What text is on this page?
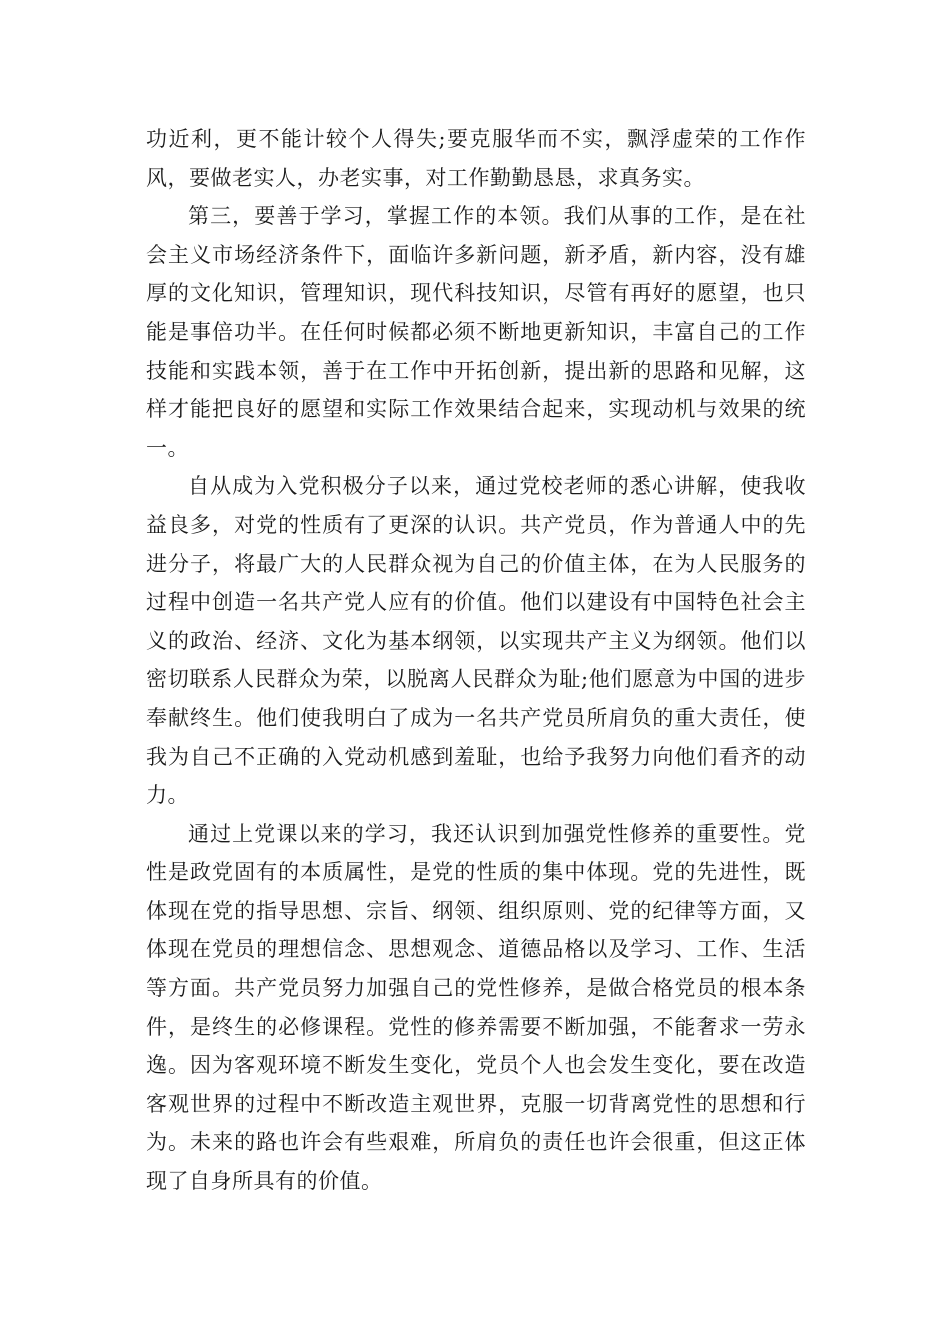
功近利，更不能计较个人得失;要克服华而不实，飘浮虚荣的工作作风，要做老实人，办老实事，对工作勤勤恳恳，求真务实。

第三，要善于学习，掌握工作的本领。我们从事的工作，是在社会主义市场经济条件下，面临许多新问题，新矛盾，新内容，没有雄厚的文化知识，管理知识，现代科技知识，尽管有再好的愿望，也只能是事倍功半。在任何时候都必须不断地更新知识，丰富自己的工作技能和实践本领，善于在工作中开拓创新，提出新的思路和见解，这样才能把良好的愿望和实际工作效果结合起来，实现动机与效果的统一。

自从成为入党积极分子以来，通过党校老师的悉心讲解，使我收益良多，对党的性质有了更深的认识。共产党员，作为普通人中的先进分子，将最广大的人民群众视为自己的价值主体，在为人民服务的过程中创造一名共产党人应有的价值。他们以建设有中国特色社会主义的政治、经济、文化为基本纲领，以实现共产主义为纲领。他们以密切联系人民群众为荣，以脱离人民群众为耻;他们愿意为中国的进步奉献终生。他们使我明白了成为一名共产党员所肩负的重大责任，使我为自己不正确的入党动机感到羞耻，也给予我努力向他们看齐的动力。

通过上党课以来的学习，我还认识到加强党性修养的重要性。党性是政党固有的本质属性，是党的性质的集中体现。党的先进性，既体现在党的指导思想、宗旨、纲领、组织原则、党的纪律等方面，又体现在党员的理想信念、思想观念、道德品格以及学习、工作、生活等方面。共产党员努力加强自己的党性修养，是做合格党员的根本条件，是终生的必修课程。党性的修养需要不断加强，不能奢求一劳永逸。因为客观环境不断发生变化，党员个人也会发生变化，要在改造客观世界的过程中不断改造主观世界，克服一切背离党性的思想和行为。未来的路也许会有些艰难，所肩负的责任也许会很重，但这正体现了自身所具有的价值。
